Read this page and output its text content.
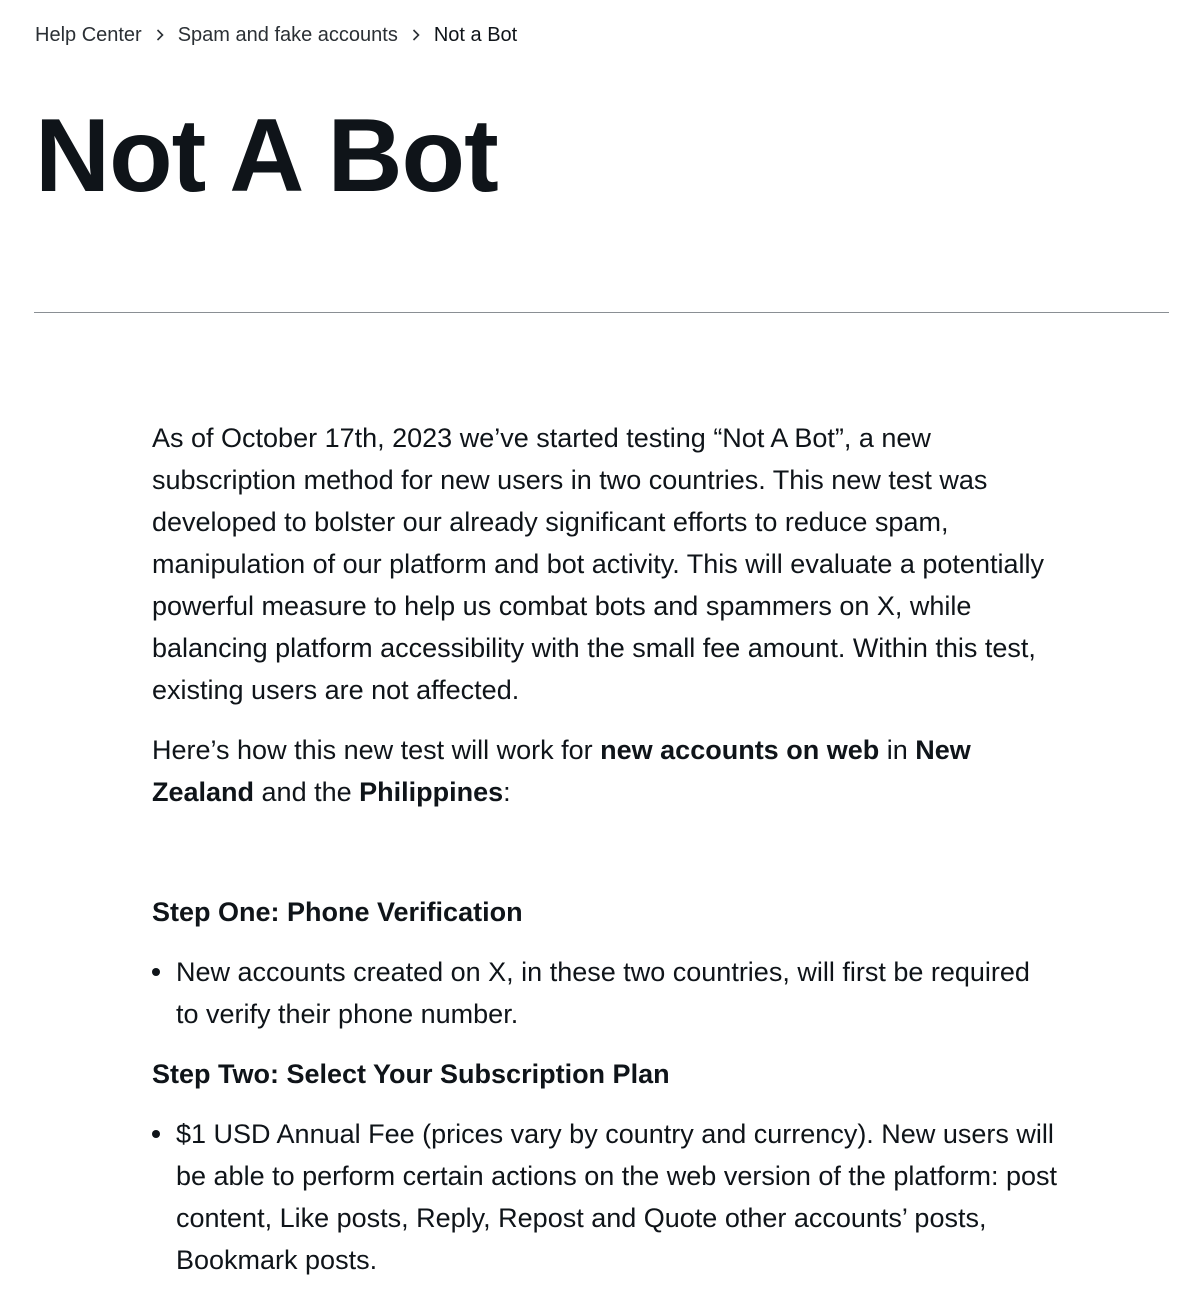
Help Center Spam and fake accounts Not a Bot
Not A Bot

As of October 17th, 2023 we’ve started testing “Not A Bot”, a new subscription method for new users in two countries. This new test was developed to bolster our already significant efforts to reduce spam, manipulation of our platform and bot activity. This will evaluate a potentially powerful measure to help us combat bots and spammers on X, while balancing platform accessibility with the small fee amount. Within this test, existing users are not affected.

Here’s how this new test will work for new accounts on web in New Zealand and the Philippines:

Step One: Phone Verification
New accounts created on X, in these two countries, will first be required to verify their phone number.
Step Two: Select Your Subscription Plan
$1 USD Annual Fee (prices vary by country and currency). New users will be able to perform certain actions on the web version of the platform: post content, Like posts, Reply, Repost and Quote other accounts’ posts, Bookmark posts.
